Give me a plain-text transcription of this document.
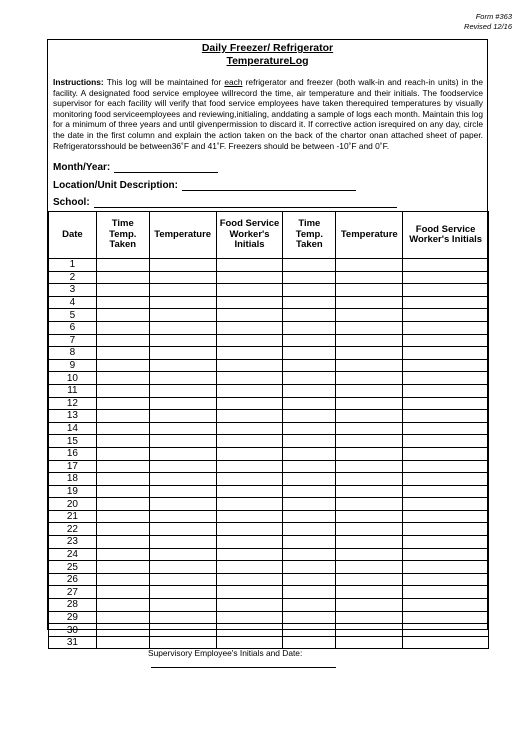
Form #363
Revised 12/16
Daily Freezer/ Refrigerator
TemperatureLog
Instructions: This log will be maintained for each refrigerator and freezer (both walk-in and reach-in units) in the facility. A designated food service employee willrecord the time, air temperature and their initials. The foodservice supervisor for each facility will verify that food service employees have taken therequired temperatures by visually monitoring food serviceemployees and reviewing,initialing, anddating a sample of logs each month. Maintain this log for a minimum of three years and until givenpermission to discard it. If corrective action isrequired on any day, circle the date in the first column and explain the action taken on the back of the chartor onan attached sheet of paper. Refrigeratorsshould be between36˚F and 41˚F. Freezers should be between -10˚F and 0˚F.
Month/Year:
Location/Unit Description:
School:
Date	Time Temp. Taken	Temperature	Food Service Worker's Initials	Time Temp. Taken	Temperature	Food Service Worker's Initials
1						
2						
3						
4						
5						
6						
7						
8						
9						
10						
11						
12						
13						
14						
15						
16						
17						
18						
19						
20						
21						
22						
23						
24						
25						
26						
27						
28						
29						
30						
31						
Supervisory Employee's Initials and Date:
